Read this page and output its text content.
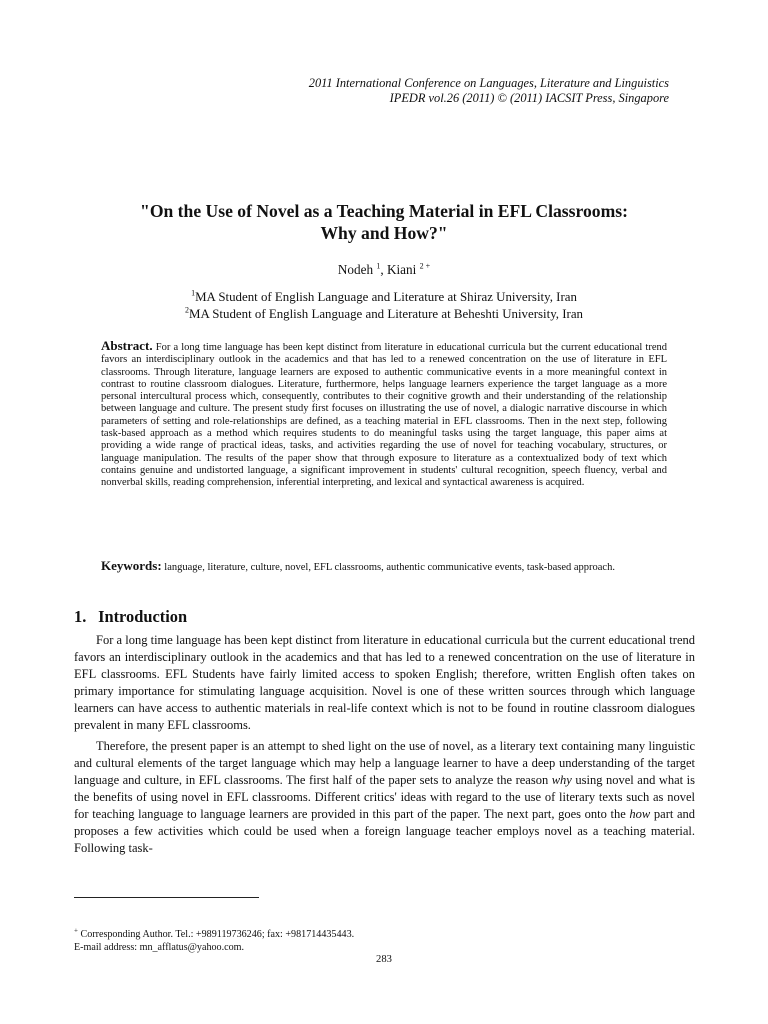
2011 International Conference on Languages, Literature and Linguistics
IPEDR vol.26 (2011) © (2011) IACSIT Press, Singapore
"On the Use of Novel as a Teaching Material in EFL Classrooms:
Why and How?"
Nodeh $^1$, Kiani $^{2 +}$
$^1$MA Student of English Language and Literature at Shiraz University, Iran
$^2$MA Student of English Language and Literature at Beheshti University, Iran
Abstract. For a long time language has been kept distinct from literature in educational curricula but the current educational trend favors an interdisciplinary outlook in the academics and that has led to a renewed concentration on the use of literature in EFL classrooms. Through literature, language learners are exposed to authentic communicative events in a more meaningful context in contrast to routine classroom dialogues. Literature, furthermore, helps language learners experience the target language as a more personal intercultural process which, consequently, contributes to their cognitive growth and their understanding of the relationship between language and culture. The present study first focuses on illustrating the use of novel, a dialogic narrative discourse in which parameters of setting and role-relationships are defined, as a teaching material in EFL classrooms. Then in the next step, following task-based approach as a method which requires students to do meaningful tasks using the target language, this paper aims at providing a wide range of practical ideas, tasks, and activities regarding the use of novel for teaching vocabulary, structures, or language manipulation. The results of the paper show that through exposure to literature as a contextualized body of text which contains genuine and undistorted language, a significant improvement in students' cultural recognition, speech fluency, verbal and nonverbal skills, reading comprehension, inferential interpreting, and lexical and syntactical awareness is acquired.
Keywords: language, literature, culture, novel, EFL classrooms, authentic communicative events, task-based approach.
1. Introduction

For a long time language has been kept distinct from literature in educational curricula but the current educational trend favors an interdisciplinary outlook in the academics and that has led to a renewed concentration on the use of literature in EFL classrooms. EFL Students have fairly limited access to spoken English; therefore, written English often takes on primary importance for stimulating language acquisition. Novel is one of these written sources through which language learners can have access to authentic materials in real-life context which is not to be found in routine classroom dialogues prevalent in many EFL classrooms.

Therefore, the present paper is an attempt to shed light on the use of novel, as a literary text containing many linguistic and cultural elements of the target language which may help a language learner to have a deep understanding of the target language and culture, in EFL classrooms. The first half of the paper sets to analyze the reason why using novel and what is the benefits of using novel in EFL classrooms. Different critics' ideas with regard to the use of literary texts such as novel for teaching language to language learners are provided in this part of the paper. The next part, goes onto the how part and proposes a few activities which could be used when a foreign language teacher employs novel as a teaching material. Following task-

+ Corresponding Author. Tel.: +989119736246; fax: +981714435443.
E-mail address: mn_afflatus@yahoo.com.
283
